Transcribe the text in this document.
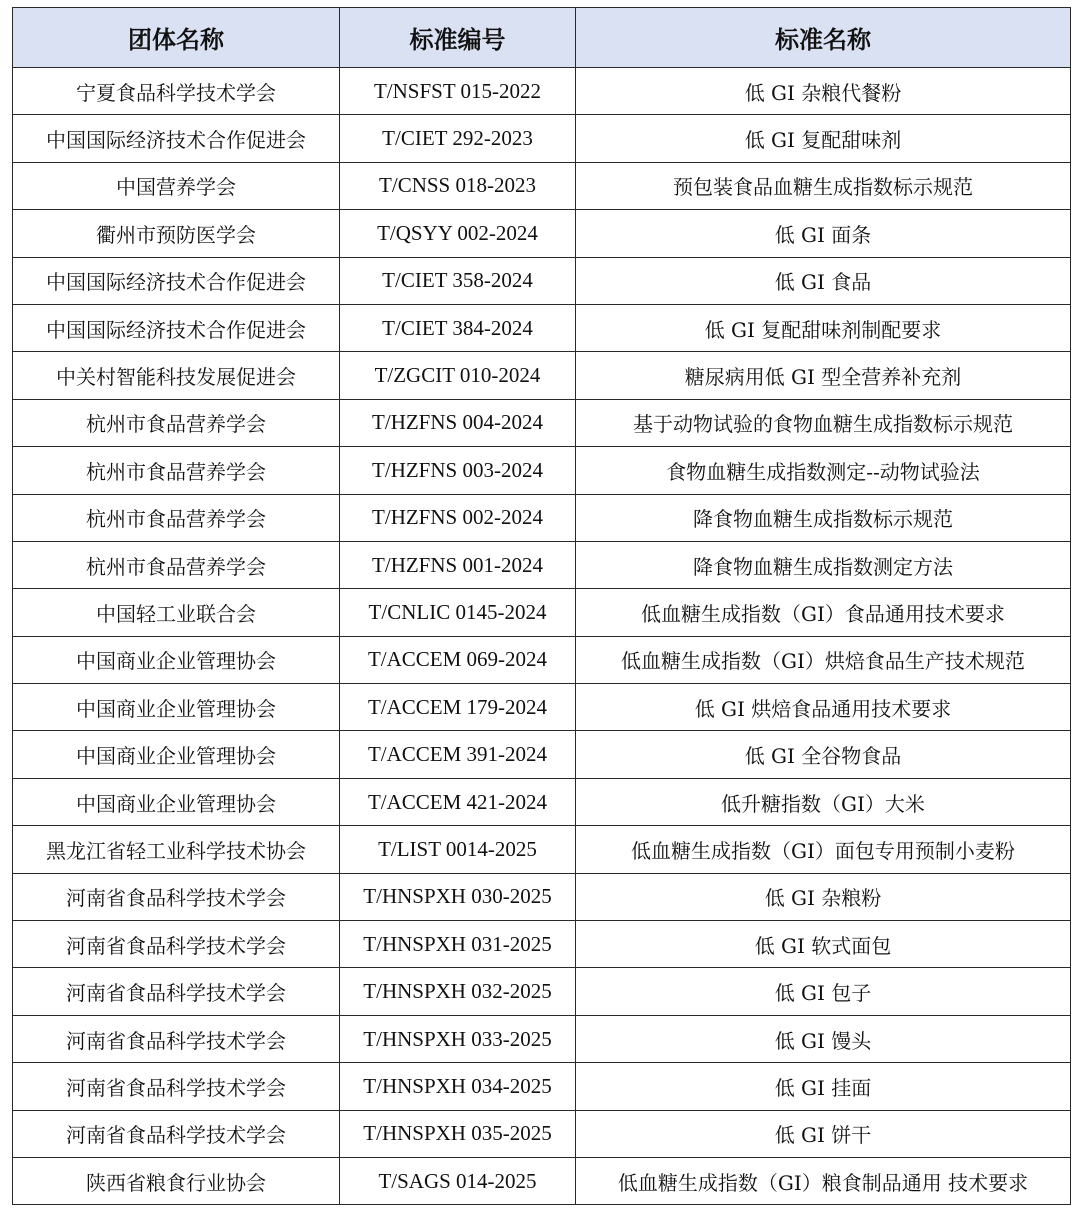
团体名称	标准编号	标准名称
宁夏食品科学技术学会	T/NSFST 015-2022	低 GI 杂粮代餐粉
中国国际经济技术合作促进会	T/CIET 292-2023	低 GI 复配甜味剂
中国营养学会	T/CNSS 018-2023	预包装食品血糖生成指数标示规范
衢州市预防医学会	T/QSYY 002-2024	低 GI 面条
中国国际经济技术合作促进会	T/CIET 358-2024	低 GI 食品
中国国际经济技术合作促进会	T/CIET 384-2024	低 GI 复配甜味剂制配要求
中关村智能科技发展促进会	T/ZGCIT 010-2024	糖尿病用低 GI 型全营养补充剂
杭州市食品营养学会	T/HZFNS 004-2024	基于动物试验的食物血糖生成指数标示规范
杭州市食品营养学会	T/HZFNS 003-2024	食物血糖生成指数测定--动物试验法
杭州市食品营养学会	T/HZFNS 002-2024	降食物血糖生成指数标示规范
杭州市食品营养学会	T/HZFNS 001-2024	降食物血糖生成指数测定方法
中国轻工业联合会	T/CNLIC 0145-2024	低血糖生成指数（GI）食品通用技术要求
中国商业企业管理协会	T/ACCEM 069-2024	低血糖生成指数（GI）烘焙食品生产技术规范
中国商业企业管理协会	T/ACCEM 179-2024	低 GI 烘焙食品通用技术要求
中国商业企业管理协会	T/ACCEM 391-2024	低 GI 全谷物食品
中国商业企业管理协会	T/ACCEM 421-2024	低升糖指数（GI）大米
黑龙江省轻工业科学技术协会	T/LIST 0014-2025	低血糖生成指数（GI）面包专用预制小麦粉
河南省食品科学技术学会	T/HNSPXH 030-2025	低 GI 杂粮粉
河南省食品科学技术学会	T/HNSPXH 031-2025	低 GI 软式面包
河南省食品科学技术学会	T/HNSPXH 032-2025	低 GI 包子
河南省食品科学技术学会	T/HNSPXH 033-2025	低 GI 馒头
河南省食品科学技术学会	T/HNSPXH 034-2025	低 GI 挂面
河南省食品科学技术学会	T/HNSPXH 035-2025	低 GI 饼干
陕西省粮食行业协会	T/SAGS 014-2025	低血糖生成指数（GI）粮食制品通用 技术要求
